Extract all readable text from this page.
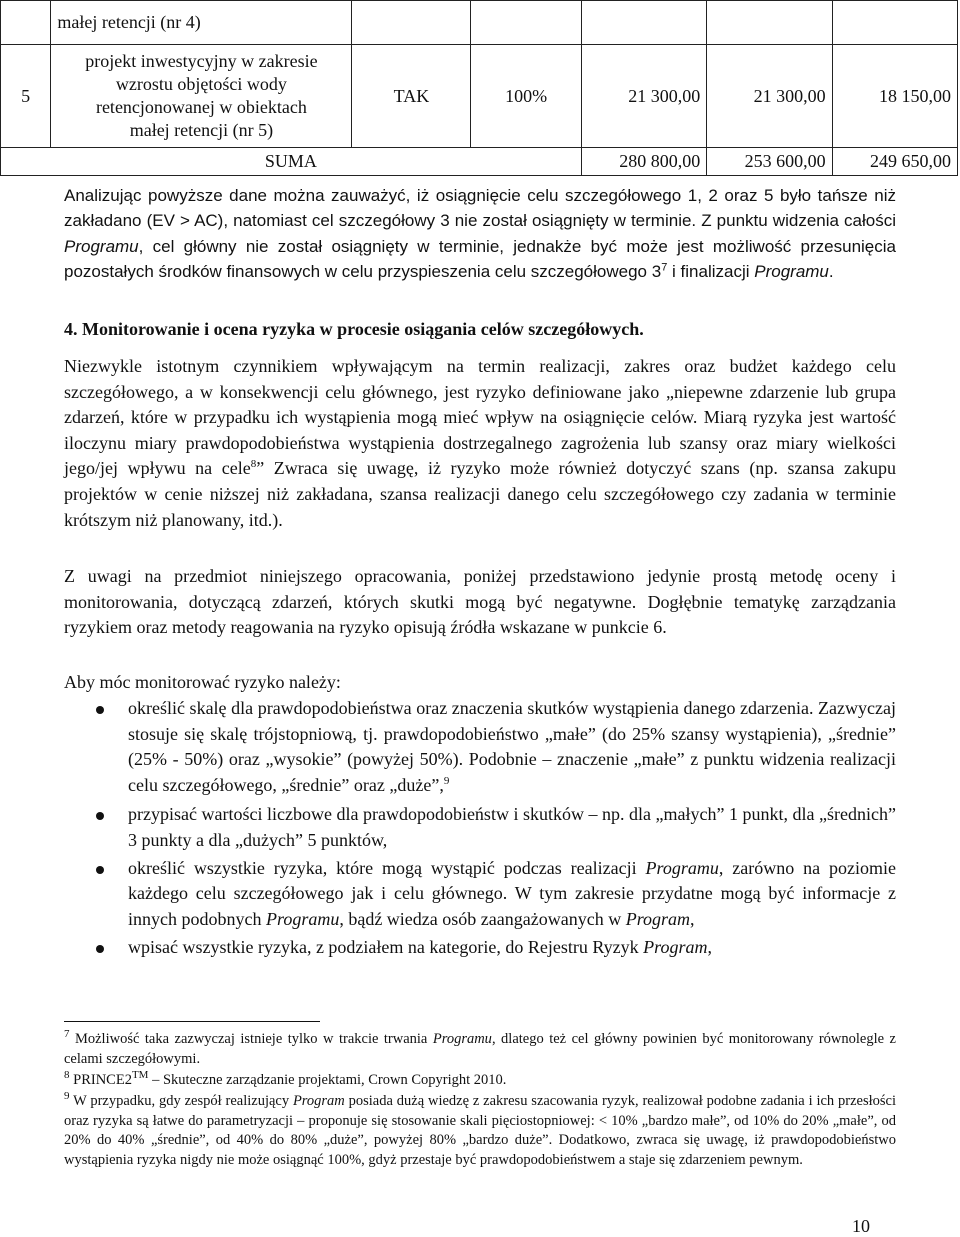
	małej retencji (nr 4)					
5	projekt inwestycyjny w zakresie
wzrostu objętości wody
retencjonowanej w obiektach
małej retencji (nr 5)	TAK	100%	21 300,00	21 300,00	18 150,00
SUMA				280 800,00	253 600,00	249 650,00

Analizując powyższe dane można zauważyć, iż osiągnięcie celu szczegółowego 1, 2 oraz 5 było tańsze niż zakładano (EV > AC), natomiast cel szczegółowy 3 nie został osiągnięty w terminie. Z punktu widzenia całości Programu, cel główny nie został osiągnięty w terminie, jednakże być może jest możliwość przesunięcia pozostałych środków finansowych w celu przyspieszenia celu szczegółowego $3^7$ i finalizacji Programu.

4. Monitorowanie i ocena ryzyka w procesie osiągania celów szczegółowych.

Niezwykle istotnym czynnikiem wpływającym na termin realizacji, zakres oraz budżet każdego celu szczegółowego, a w konsekwencji celu głównego, jest ryzyko definiowane jako „niepewne zdarzenie lub grupa zdarzeń, które w przypadku ich wystąpienia mogą mieć wpływ na osiągnięcie celów. Miarą ryzyka jest wartość iloczynu miary prawdopodobieństwa wystąpienia dostrzegalnego zagrożenia lub szansy oraz miary wielkości jego/jej wpływu na cele$^8$” Zwraca się uwagę, iż ryzyko może również dotyczyć szans (np. szansa zakupu projektów w cenie niższej niż zakładana, szansa realizacji danego celu szczegółowego czy zadania w terminie krótszym niż planowany, itd.).

Z uwagi na przedmiot niniejszego opracowania, poniżej przedstawiono jedynie prostą metodę oceny i monitorowania, dotyczącą zdarzeń, których skutki mogą być negatywne. Dogłębnie tematykę zarządzania ryzykiem oraz metody reagowania na ryzyko opisują źródła wskazane w punkcie 6.

Aby móc monitorować ryzyko należy:

określić skalę dla prawdopodobieństwa oraz znaczenia skutków wystąpienia danego zdarzenia. Zazwyczaj stosuje się skalę trójstopniową, tj. prawdopodobieństwo „małe” (do 25% szansy wystąpienia), „średnie” (25% - 50%) oraz „wysokie” (powyżej 50%). Podobnie – znaczenie „małe” z punktu widzenia realizacji celu szczegółowego, „średnie” oraz „duże”,$^9$
przypisać wartości liczbowe dla prawdopodobieństw i skutków – np. dla „małych” 1 punkt, dla „średnich” 3 punkty a dla „dużych” 5 punktów,
określić wszystkie ryzyka, które mogą wystąpić podczas realizacji Programu, zarówno na poziomie każdego celu szczegółowego jak i celu głównego. W tym zakresie przydatne mogą być informacje z innych podobnych Programu, bądź wiedza osób zaangażowanych w Program,
wpisać wszystkie ryzyka, z podziałem na kategorie, do Rejestru Ryzyk Program,

$^7$ Możliwość taka zazwyczaj istnieje tylko w trakcie trwania Programu, dlatego też cel główny powinien być monitorowany równolegle z celami szczegółowymi.

$^8$ PRINCE2™ – Skuteczne zarządzanie projektami, Crown Copyright 2010.

$^9$ W przypadku, gdy zespół realizujący Program posiada dużą wiedzę z zakresu szacowania ryzyk, realizował podobne zadania i ich przesłości oraz ryzyka są łatwe do parametryzacji – proponuje się stosowanie skali pięciostopniowej: < 10% „bardzo małe”, od 10% do 20% „małe”, od 20% do 40% „średnie”, od 40% do 80% „duże”, powyżej 80% „bardzo duże”. Dodatkowo, zwraca się uwagę, iż prawdopodobieństwo wystąpienia ryzyka nigdy nie może osiągnąć 100%, gdyż przestaje być prawdopodobieństwem a staje się zdarzeniem pewnym.

10
